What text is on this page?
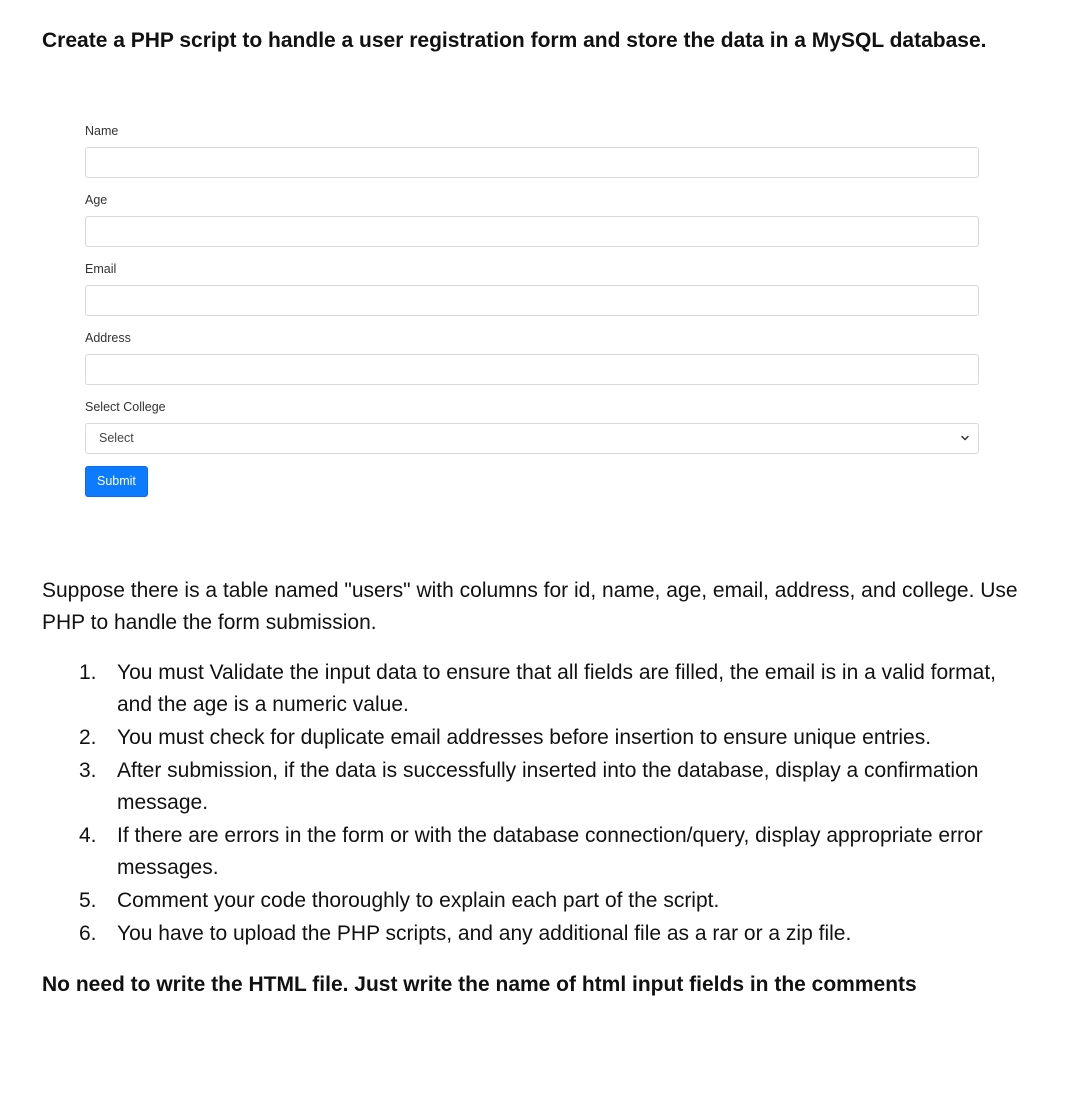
Create a PHP script to handle a user registration form and store the data in a MySQL database.

Name
Age
Email
Address
Select College
Select
Submit

Suppose there is a table named "users" with columns for id, name, age, email, address, and college. Use PHP to handle the form submission.

1. You must Validate the input data to ensure that all fields are filled, the email is in a valid format, and the age is a numeric value.
2. You must check for duplicate email addresses before insertion to ensure unique entries.
3. After submission, if the data is successfully inserted into the database, display a confirmation message.
4. If there are errors in the form or with the database connection/query, display appropriate error messages.
5. Comment your code thoroughly to explain each part of the script.
6. You have to upload the PHP scripts, and any additional file as a rar or a zip file.

No need to write the HTML file. Just write the name of html input fields in the comments
